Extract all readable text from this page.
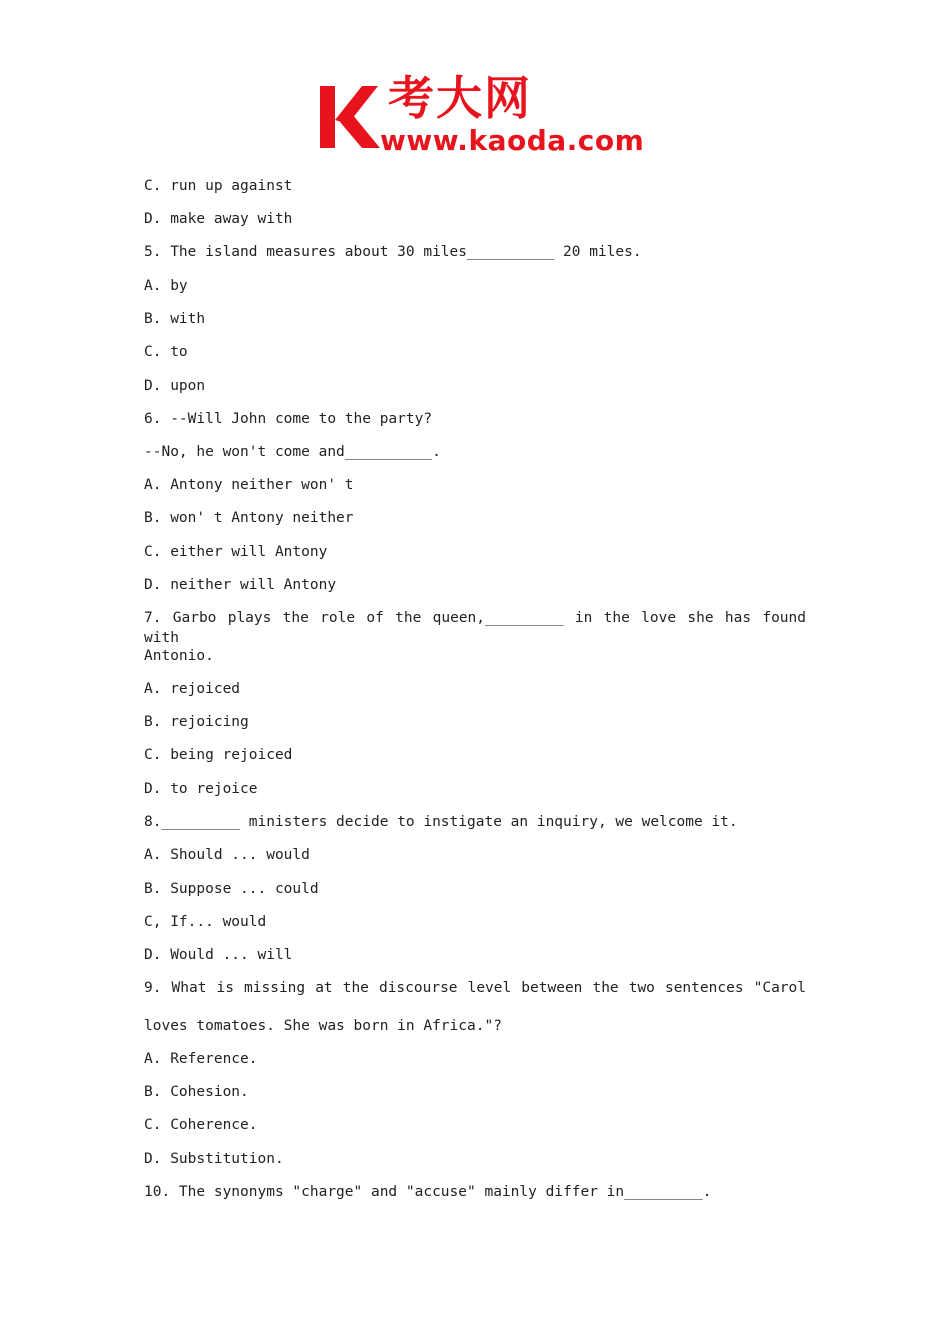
考大网
www.kaoda.com
C. run up against
D. make away with
5. The island measures about 30 miles__________ 20 miles.
A. by
B. with
C. to
D. upon
6. --Will John come to the party?
--No, he won't come and__________.
A. Antony neither won' t
B. won' t Antony neither
C. either will Antony
D. neither will Antony
7. Garbo plays the role of the queen,_________ in the love she has found with
Antonio.
A. rejoiced
B. rejoicing
C. being rejoiced
D. to rejoice
8._________ ministers decide to instigate an inquiry, we welcome it.
A. Should ... would
B. Suppose ... could
C, If... would
D. Would ... will
9. What is missing at the discourse level between the two sentences "Carol
loves tomatoes. She was born in Africa."?
A. Reference.
B. Cohesion.
C. Coherence.
D. Substitution.
10. The synonyms "charge" and "accuse" mainly differ in_________.
